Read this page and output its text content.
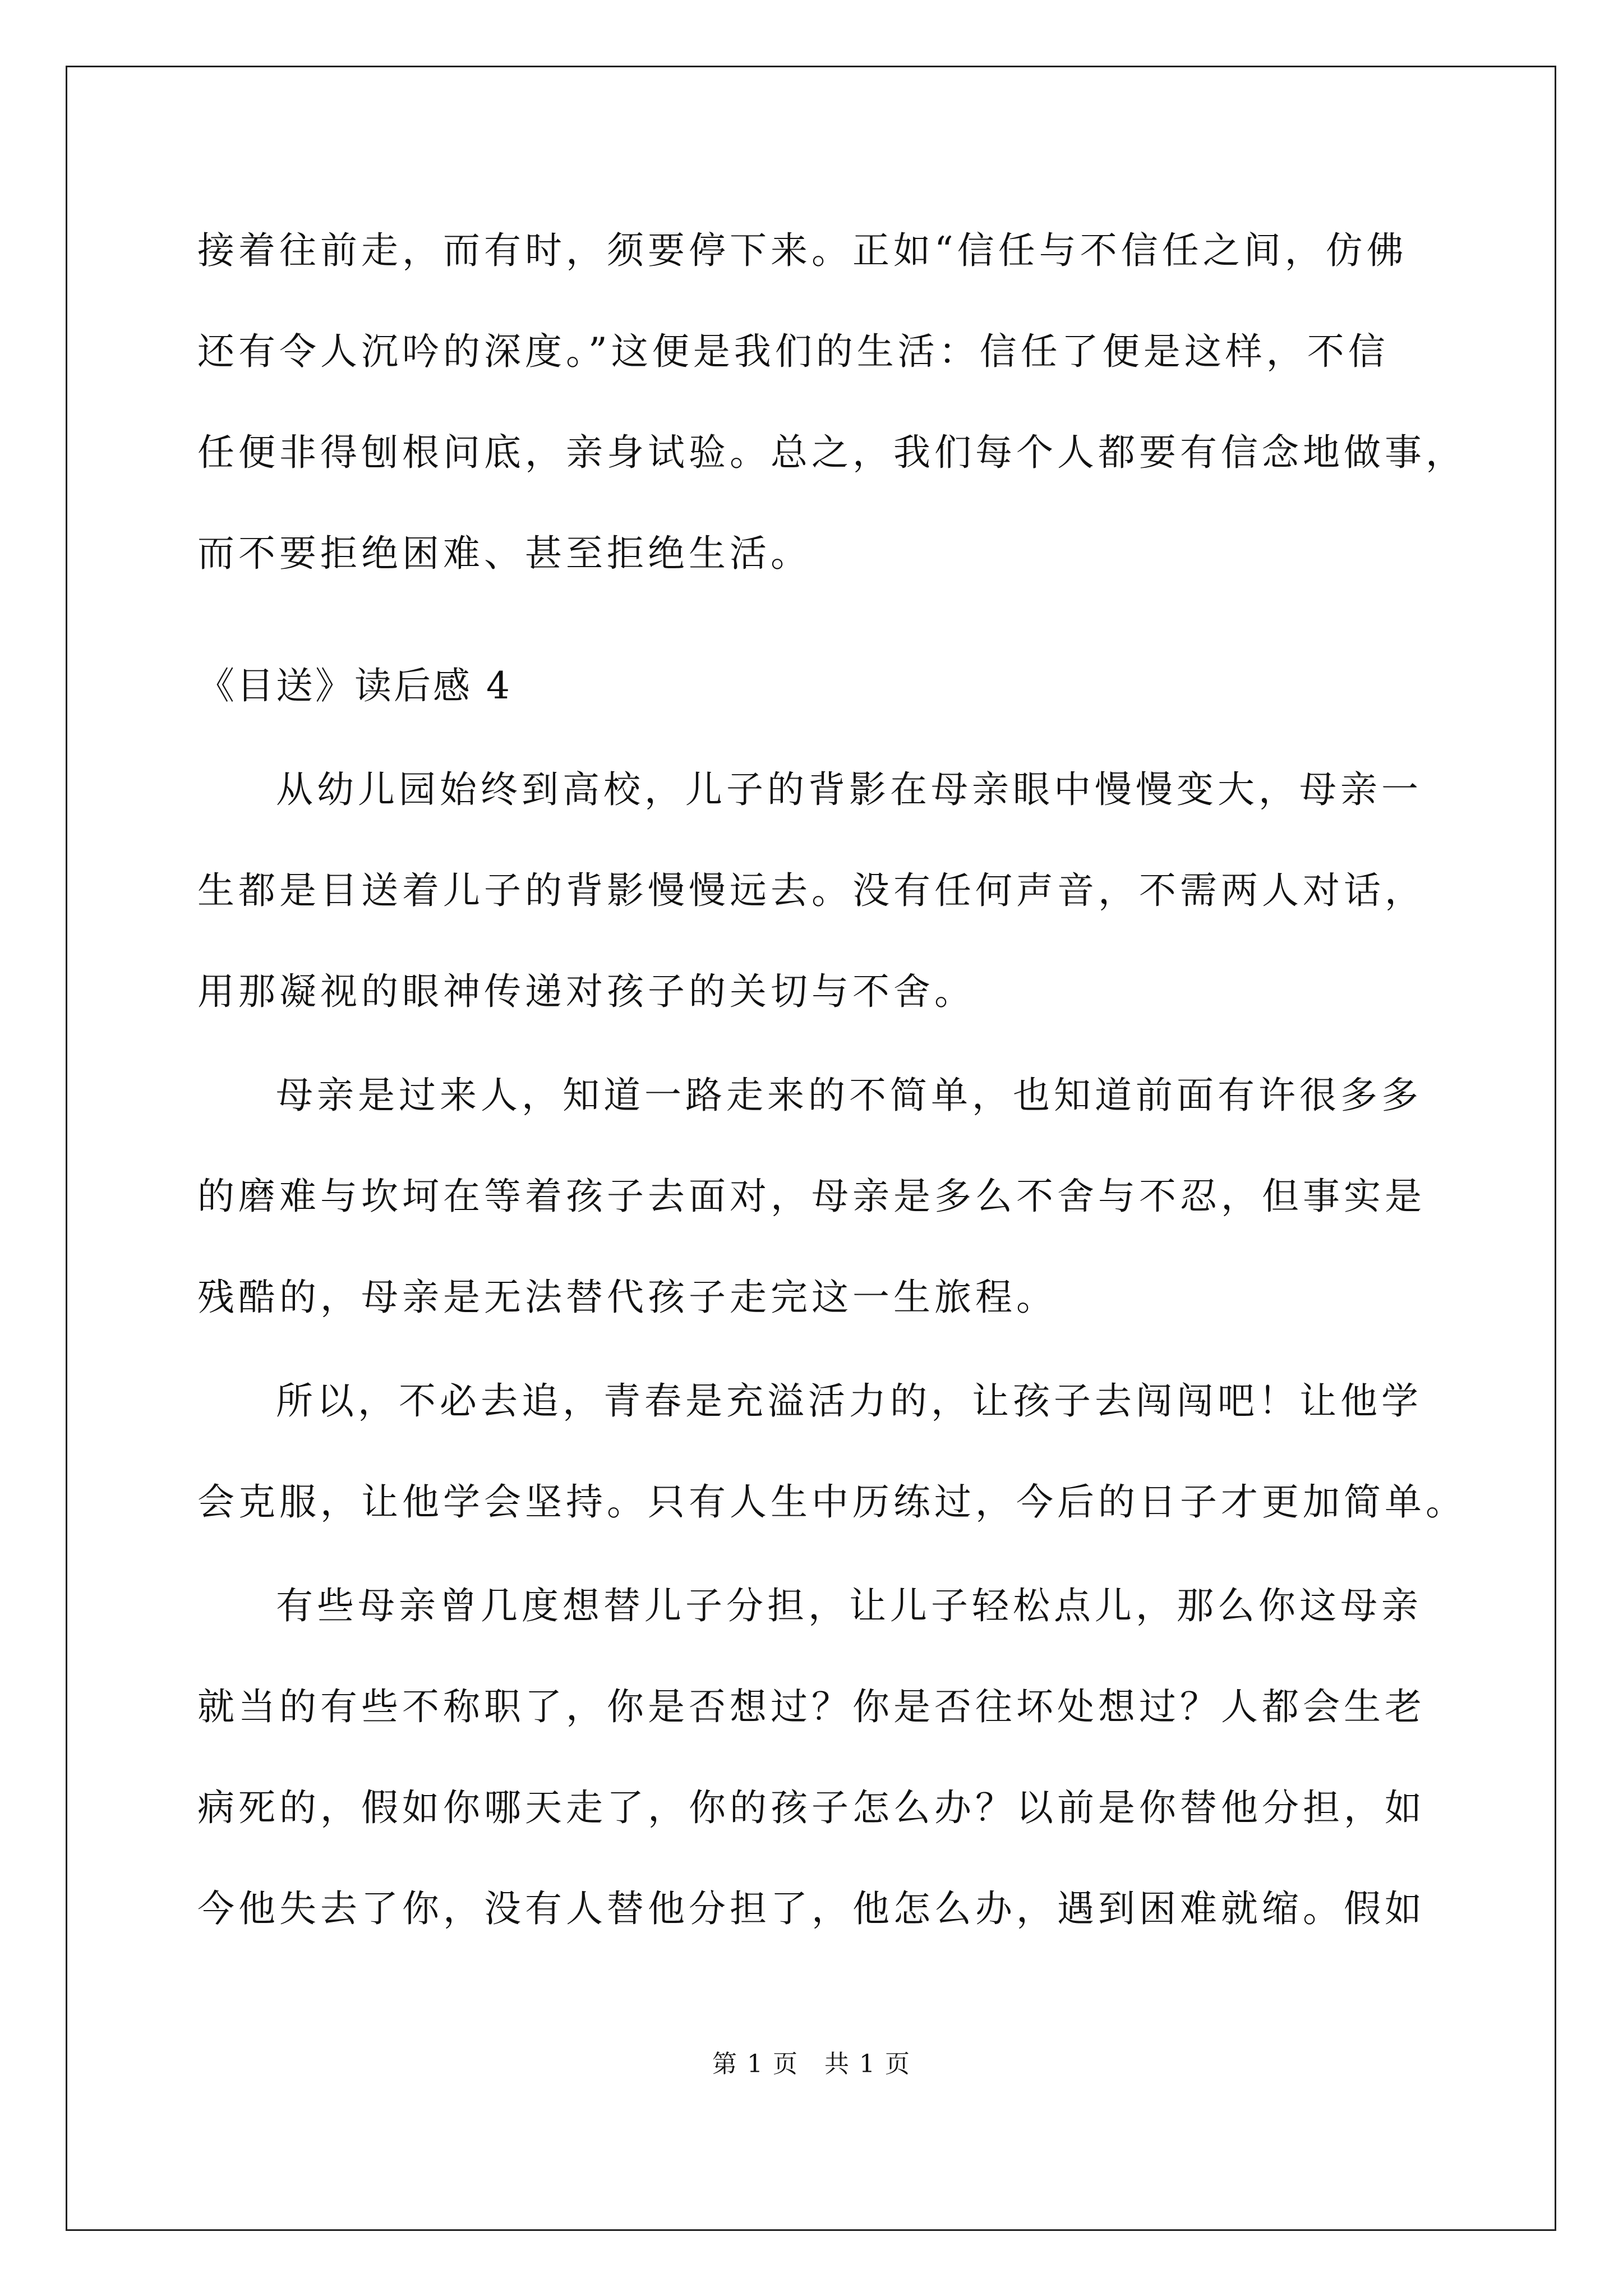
接着往前走，而有时，须要停下来。正如“信任与不信任之间，仿佛
还有令人沉吟的深度。”这便是我们的生活：信任了便是这样，不信
任便非得刨根问底，亲身试验。总之，我们每个人都要有信念地做事，
而不要拒绝困难、甚至拒绝生活。
《目送》读后感 4
从幼儿园始终到高校，儿子的背影在母亲眼中慢慢变大，母亲一
生都是目送着儿子的背影慢慢远去。没有任何声音，不需两人对话，
用那凝视的眼神传递对孩子的关切与不舍。
母亲是过来人，知道一路走来的不简单，也知道前面有许很多多
的磨难与坎坷在等着孩子去面对，母亲是多么不舍与不忍，但事实是
残酷的，母亲是无法替代孩子走完这一生旅程。
所以，不必去追，青春是充溢活力的，让孩子去闯闯吧！让他学
会克服，让他学会坚持。只有人生中历练过，今后的日子才更加简单。
有些母亲曾几度想替儿子分担，让儿子轻松点儿，那么你这母亲
就当的有些不称职了，你是否想过？你是否往坏处想过？人都会生老
病死的，假如你哪天走了，你的孩子怎么办？以前是你替他分担，如
今他失去了你，没有人替他分担了，他怎么办，遇到困难就缩。假如
第 1 页　共 1 页
